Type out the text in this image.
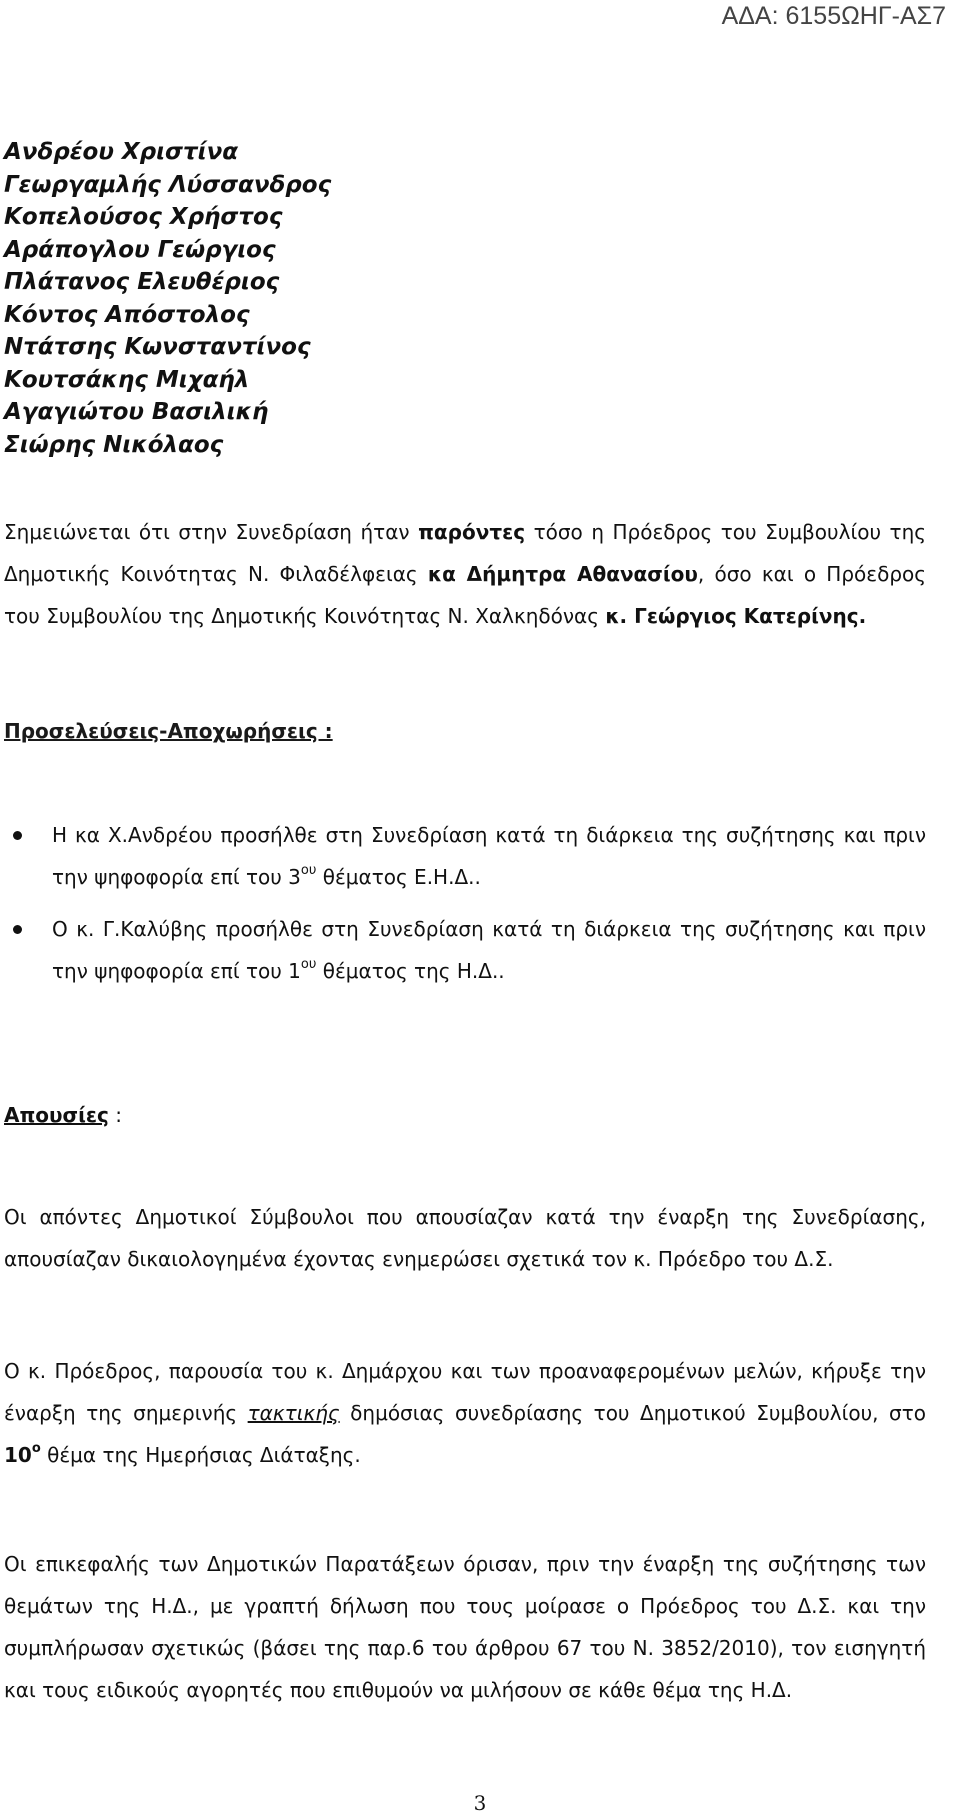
ΑΔΑ: 6155ΩΗΓ-ΑΣ7
Ανδρέου Χριστίνα
Γεωργαμλής Λύσσανδρος
Κοπελούσος Χρήστος
Αράπογλου Γεώργιος
Πλάτανος Ελευθέριος
Κόντος Απόστολος
Ντάτσης Κωνσταντίνος
Κουτσάκης Μιχαήλ
Αγαγιώτου Βασιλική
Σιώρης Νικόλαος

Σημειώνεται ότι στην Συνεδρίαση ήταν παρόντες τόσο η Πρόεδρος του Συμβουλίου της Δημοτικής Κοινότητας Ν. Φιλαδέλφειας κα Δήμητρα Αθανασίου, όσο και ο Πρόεδρος του Συμβουλίου της Δημοτικής Κοινότητας Ν. Χαλκηδόνας κ. Γεώργιος Κατερίνης.

Προσελεύσεις-Αποχωρήσεις :

Η κα Χ.Ανδρέου προσήλθε στη Συνεδρίαση κατά τη διάρκεια της συζήτησης και πριν την ψηφοφορία επί του $3^{o\upsilon}$ θέματος Ε.Η.Δ..
Ο κ. Γ.Καλύβης προσήλθε στη Συνεδρίαση κατά τη διάρκεια της συζήτησης και πριν την ψηφοφορία επί του $1^{o\upsilon}$ θέματος της Η.Δ..

Απουσίες :

Οι απόντες Δημοτικοί Σύμβουλοι που απουσίαζαν κατά την έναρξη της Συνεδρίασης, απουσίαζαν δικαιολογημένα έχοντας ενημερώσει σχετικά τον κ. Πρόεδρο του Δ.Σ.

Ο κ. Πρόεδρος, παρουσία του κ. Δημάρχου και των προαναφερομένων μελών, κήρυξε την έναρξη της σημερινής τακτικής δημόσιας συνεδρίασης του Δημοτικού Συμβουλίου, στο $10^o$ θέμα της Ημερήσιας Διάταξης.

Οι επικεφαλής των Δημοτικών Παρατάξεων όρισαν, πριν την έναρξη της συζήτησης των θεμάτων της Η.Δ., με γραπτή δήλωση που τους μοίρασε ο Πρόεδρος του Δ.Σ. και την συμπλήρωσαν σχετικώς (βάσει της παρ.6 του άρθρου 67 του Ν. 3852/2010), τον εισηγητή και τους ειδικούς αγορητές που επιθυμούν να μιλήσουν σε κάθε θέμα της Η.Δ.

3
